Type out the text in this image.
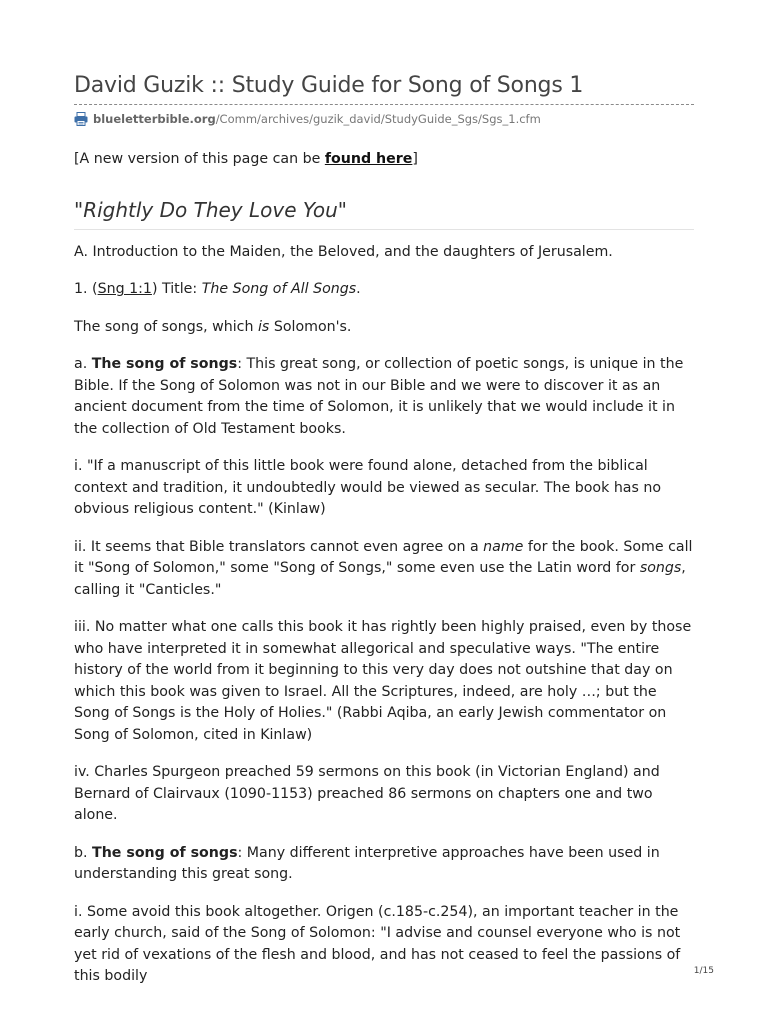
David Guzik :: Study Guide for Song of Songs 1
blueletterbible.org /Comm/archives/guzik_david/StudyGuide_Sgs/Sgs_1.cfm

[A new version of this page can be found here]

"Rightly Do They Love You"

A. Introduction to the Maiden, the Beloved, and the daughters of Jerusalem.

1. (Sng 1:1) Title: The Song of All Songs.

The song of songs, which is Solomon's.

a. The song of songs: This great song, or collection of poetic songs, is unique in the Bible. If the Song of Solomon was not in our Bible and we were to discover it as an ancient document from the time of Solomon, it is unlikely that we would include it in the collection of Old Testament books.

i. "If a manuscript of this little book were found alone, detached from the biblical context and tradition, it undoubtedly would be viewed as secular. The book has no obvious religious content." (Kinlaw)

ii. It seems that Bible translators cannot even agree on a name for the book. Some call it "Song of Solomon," some "Song of Songs," some even use the Latin word for songs, calling it "Canticles."

iii. No matter what one calls this book it has rightly been highly praised, even by those who have interpreted it in somewhat allegorical and speculative ways. "The entire history of the world from it beginning to this very day does not outshine that day on which this book was given to Israel. All the Scriptures, indeed, are holy …; but the Song of Songs is the Holy of Holies." (Rabbi Aqiba, an early Jewish commentator on Song of Solomon, cited in Kinlaw)

iv. Charles Spurgeon preached 59 sermons on this book (in Victorian England) and Bernard of Clairvaux (1090-1153) preached 86 sermons on chapters one and two alone.

b. The song of songs: Many different interpretive approaches have been used in understanding this great song.

i. Some avoid this book altogether. Origen (c.185-c.254), an important teacher in the early church, said of the Song of Solomon: "I advise and counsel everyone who is not yet rid of vexations of the flesh and blood, and has not ceased to feel the passions of this bodily	1/15
